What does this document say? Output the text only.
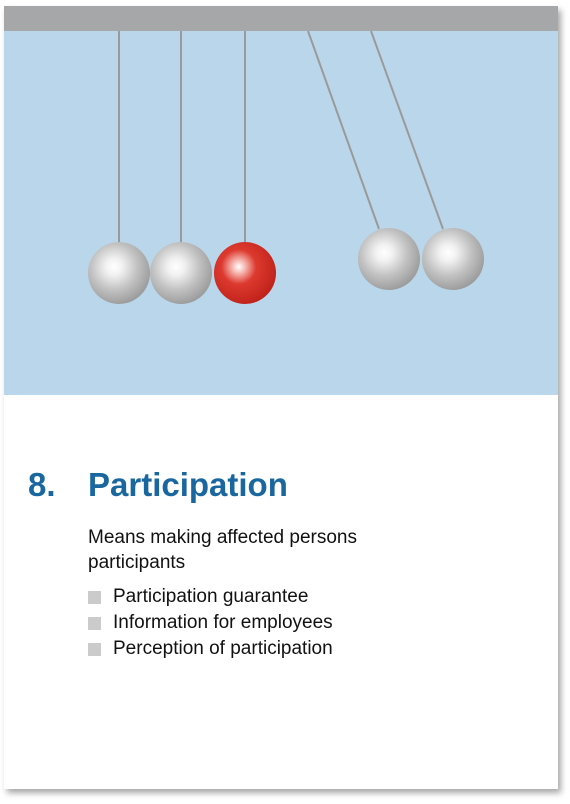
8. Participation
Means making affected persons participants
Participation guarantee
Information for employees
Perception of participation
